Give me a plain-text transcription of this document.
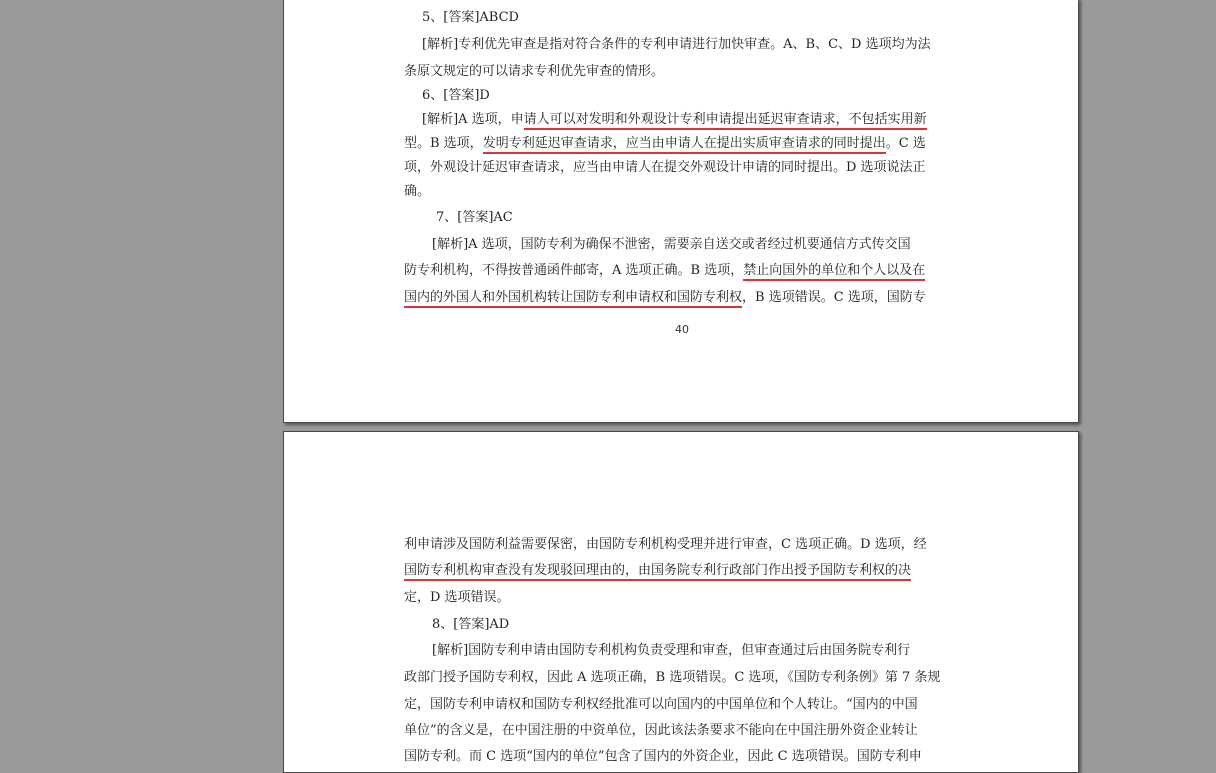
5、[答案]ABCD
[解析]专利优先审查是指对符合条件的专利申请进行加快审查。A、B、C、D 选项均为法
条原文规定的可以请求专利优先审查的情形。
6、[答案]D
[解析]A 选项，申请人可以对发明和外观设计专利申请提出延迟审查请求，不包括实用新
型。B 选项，发明专利延迟审查请求，应当由申请人在提出实质审查请求的同时提出。C 选
项，外观设计延迟审查请求，应当由申请人在提交外观设计申请的同时提出。D 选项说法正
确。
7、[答案]AC
[解析]A 选项，国防专利为确保不泄密，需要亲自送交或者经过机要通信方式传交国
防专利机构，不得按普通函件邮寄，A 选项正确。B 选项，禁止向国外的单位和个人以及在
国内的外国人和外国机构转让国防专利申请权和国防专利权，B 选项错误。C 选项，国防专
40
利申请涉及国防利益需要保密，由国防专利机构受理并进行审查，C 选项正确。D 选项，经
国防专利机构审查没有发现驳回理由的，由国务院专利行政部门作出授予国防专利权的决
定，D 选项错误。
8、[答案]AD
[解析]国防专利申请由国防专利机构负责受理和审查，但审查通过后由国务院专利行
政部门授予国防专利权，因此 A 选项正确，B 选项错误。C 选项，《国防专利条例》第 7 条规
定，国防专利申请权和国防专利权经批准可以向国内的中国单位和个人转让。“国内的中国
单位”的含义是，在中国注册的中资单位，因此该法条要求不能向在中国注册外资企业转让
国防专利。而 C 选项“国内的单位”包含了国内的外资企业，因此 C 选项错误。国防专利申
